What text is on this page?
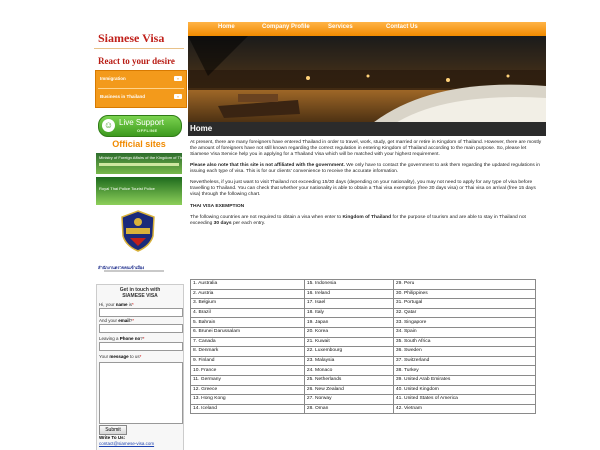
Siamese Visa
React to your desire
Immigration	»
Business in Thailand	»
☺ Live Support
OFFLINE
Official sites
Ministry of Foreign Affairs of the Kingdom of Thailand
Royal Thai Police Tourist Police
สำนักงานตรวจคนเข้าเมือง
Get in touch with
SIAMESE VISA
Hi, your name is*
And your email?*
Leaving a Phone no?*
Your message to us*
Submit
Write To Us:
contact@siamese-visa.com
Home	Company Profile	Services	Contact Us
Home

At present, there are many foreigners have entered Thailand in order to travel, work, study, get married or retire in Kingdom of Thailand. However, there are mostly the amount of foreigners have not still known regarding the correct regulation in entering Kingdom of Thailand according to the main purpose. So, please let Siamese Visa Service help you in applying for a Thailand Visa which will be matched with your highest requirement.

Please also note that this site is not affiliated with the government. We only have to contact the government to ask them regarding the updated regulations in issuing each type of visa. This is for our clients' convenience to receive the accurate information.

Nevertheless, if you just want to visit Thailand not exceeding 15/30 days (depending on your nationality), you may not need to apply for any type of visa before travelling to Thailand. You can check that whether your nationality is able to obtain a Thai visa exemption (free 30 days visa) or Thai visa on arrival (free 15 days visa) through the following chart.

THAI VISA EXEMPTION

The following countries are not required to obtain a visa when enter to Kingdom of Thailand for the purpose of tourism and are able to stay in Thailand not exceeding 30 days per each entry.

1. Australia	15. Indonesia	29. Peru
2. Austria	16. Ireland	30. Philippines
3. Belgium	17. Isael	31. Portugal
4. Brazil	18. Italy	32. Qatar
5. Bahrain	19. Japan	33. Singapore
6. Brunei Darussalam	20. Korea	34. Spain
7. Canada	21. Kuwait	35. South Africa
8. Denmark	22. Luxembourg	36. Sweden
9. Finland	23. Malaysia	37. Switzerland
10. France	24. Monaco	38. Turkey
11. Germany	25. Netherlands	39. United Arab Emirates
12. Greece	26. New Zealand	40. United Kingdom
13. Hong Kong	27. Norway	41. United States of America
14. Iceland	28. Oman	42. Vietnam
